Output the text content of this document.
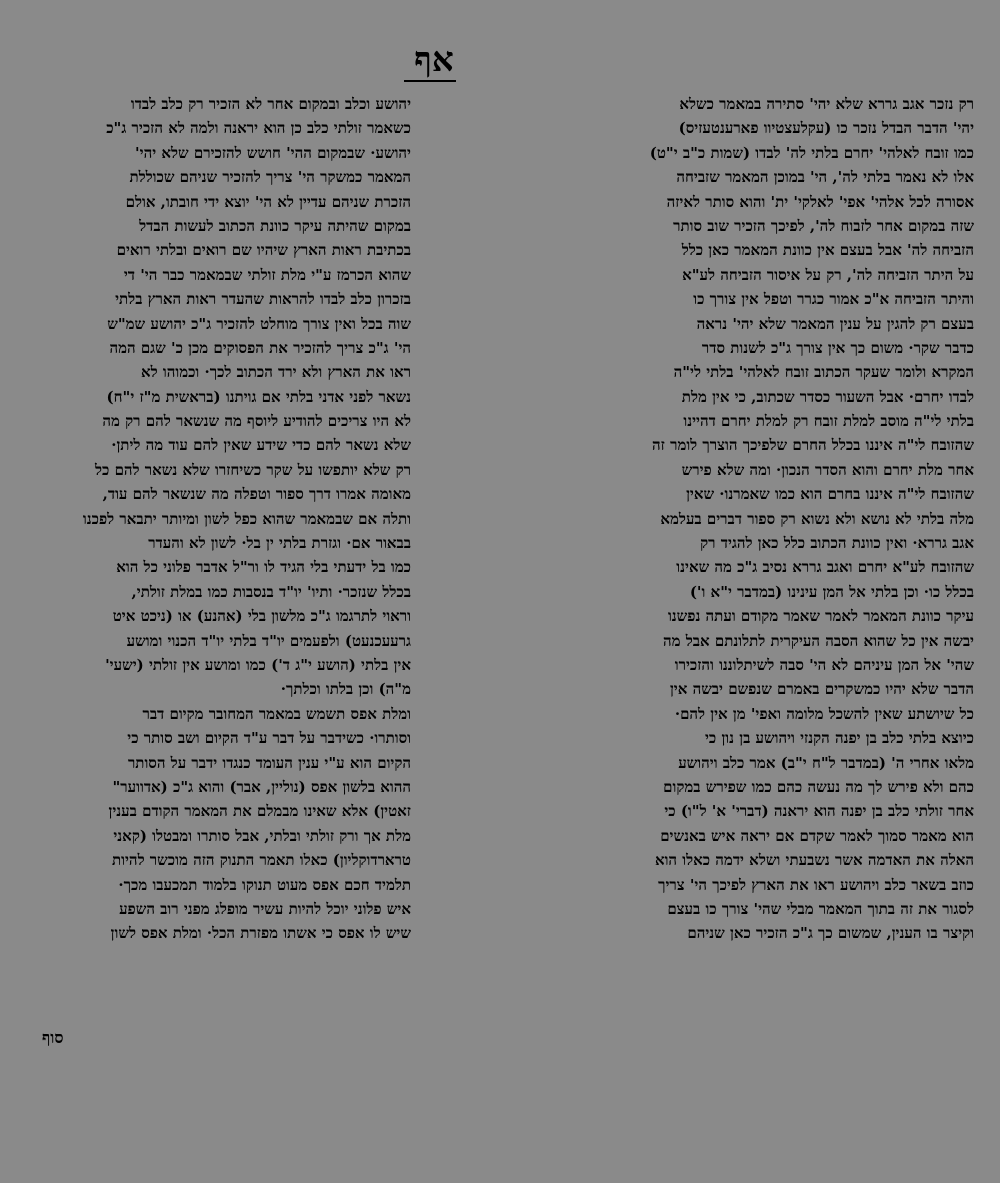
אף
רק נזכר אגב גררא שלא יהי' סתירה במאמר כשלא
יהי' הדבר הבדל נזכר כו (עקלעצטיוו פארענטעזיס)
כמו זובח לאלהי' יחרם בלתי לה' לבדו (שמות כ"ב י"ט)
אלו לא נאמר בלתי לה', הי' במוכן המאמר שזביחה
אסורה לכל אלהי' אפי' לאלקי' ית' והוא סותר לאיזה
שזה במקום אחר לזבוח לה', לפיכך הזכיר שוב סותר
הזביחה לה' אבל בעצם אין כוונת המאמר כאן כלל
על היתר הזביחה לה', רק על איסור הזביחה לע"א
והיתר הזביחה א"כ אמור כגרר וטפל אין צורך כו
בעצם רק להגין על ענין המאמר שלא יהי' נראה
כדבר שקר· משום כך אין צורך ג"כ לשנות סדר
המקרא ולומר שעקר הכתוב זובח לאלהי' בלתי לי"ה
לבדו יחרם· אבל השעור כסדר שכתוב, כי אין מלת
בלתי לי"ה מוסב למלת זובח רק למלת יחרם דהיינו
שהזובח לי"ה איננו בכלל החרם שלפיכך הוצרך לומר זה
אחר מלת יחרם והוא הסדר הנכון· ומה שלא פירש
שהזובח לי"ה איננו בחרם הוא כמו שאמרנו· שאין
מלה בלתי לא נושא ולא נשוא רק ספור דברים בעלמא
אגב גררא· ואין כוונת הכתוב כלל כאן להגיד רק
שהזובח לע"א יחרם ואגב גררא נסיב ג"כ מה שאינו
בכלל כו· וכן בלתי אל המן עינינו (במדבר י"א ו')
עיקר כוונת המאמר לאמר שאמר מקודם ועתה נפשנו
יבשה אין כל שהוא הסבה העיקרית לתלונתם אבל מה
שהי' אל המן עיניהם לא הי' סבה לשיתלוננו והזכירו
הדבר שלא יהיו כמשקרים באמרם שנפשם יבשה אין
כל שיושתע שאין להשכל מלומה ואפי' מן אין להם·
כיוצא בלתי כלב בן יפנה הקנזי ויהושע בן נון כי
מלאו אחרי ה' (במדבר ל"ח י"ב) אמר כלב ויהושע
כהם ולא פירש לך מה נעשה כהם כמו שפירש במקום
אחר זולתי כלב בן יפנה הוא יראנה (דברי' א' ל"ו) כי
הוא מאמר סמוך לאמר שקדם אם יראה איש באנשים
האלה את האדמה אשר נשבעתי ושלא ידמה כאלו הוא
כוזב בשאר כלב ויהושע ראו את הארץ לפיכך הי' צריך
לסגור את זה בתוך המאמר מבלי שהי' צורך כו בעצם
וקיצר בו הענין, שמשום כך ג"כ הזכיר כאן שניהם
יהושע וכלב ובמקום אחר לא הזכיר רק כלב לבדו
כשאמר זולתי כלב כן הוא יראנה ולמה לא הזכיר ג"כ
יהושע· שבמקום ההי' חושש להזכירם שלא יהי'
המאמר כמשקר הי' צריך להזכיר שניהם שכוללת
הזכרת שניהם עדיין לא הי' יוצא ידי חובתו, אולם
במקום שהיתה עיקר כוונת הכתוב לעשות הבדל
בכתיבת ראות הארץ שיהיו שם רואים ובלתי רואים
שהוא הכרמז ע"י מלת זולתי שבמאמר כבר הי' די
בזכרון כלב לבדו להראות שהעדר ראות הארץ בלתי
שוה בכל ואין צורך מוחלט להזכיר ג"כ יהושע שמ"ש
הי' ג"כ צריך להזכיר את הפסוקים מכן כ' שגם המה
ראו את הארץ ולא ירד הכתוב לכך· וכמוהו לא
נשאר לפני אדני בלתי אם גויתנו (בראשית מ"ז י"ח)
לא היו צריכים להודיע ליוסף מה שנשאר להם רק מה
שלא נשאר להם כדי שידע שאין להם עוד מה ליתן·
רק שלא יותפשו על שקר כשיחזרו שלא נשאר להם כל
מאומה אמרו דרך ספור וטפלה מה שנשאר להם עוד,
ותלה אם שבמאמר שהוא כפל לשון ומיותר יתבאר לפכנו
בבאור אם· וגזרת בלתי ין בל· לשון לא והעדר
כמו בל ידעתי בלי הגיד לו ור"ל אדבר פלוני כל הוא
בכלל שנזכר· ותיו' יו"ד בנסבות כמו במלת זולתי,
וראוי לתרגמו ג"כ מלשון בלי (אהנע) או (ניכט איט
גרעעכנעט) ולפעמים יו"ד בלתי יו"ד הכנוי ומושע
אין בלתי (הושע י"ג ד') כמו ומושע אין זולתי (ישעי'
מ"ה) וכן בלתו וכלתך·
ומלת אפס תשמש במאמר המחובר מקיום דבר
וסותרו· כשידבר על דבר ע"ד הקיום ושב סותר כי
הקיום הוא ע"י ענין העומד כנגדו ידבר על הסותר
ההוא בלשון אפס (נוליין, אבר) והוא ג"כ (אדווער"
זאטין) אלא שאינו מבמלם את המאמר הקודם בענין
מלת אך ורק זולתי ובלתי, אבל סותרו ומבטלו (קאני
טרארדוקליון) כאלו תאמר התנוק הזה מוכשר להיות
תלמיד חכם אפס מעוט תנוקו בלמוד תמכעבו מכך·
איש פלוני יוכל להיות עשיר מופלג מפני רוב השפע
שיש לו אפס כי אשתו מפזרת הכל· ומלת אפס לשון
סוף
